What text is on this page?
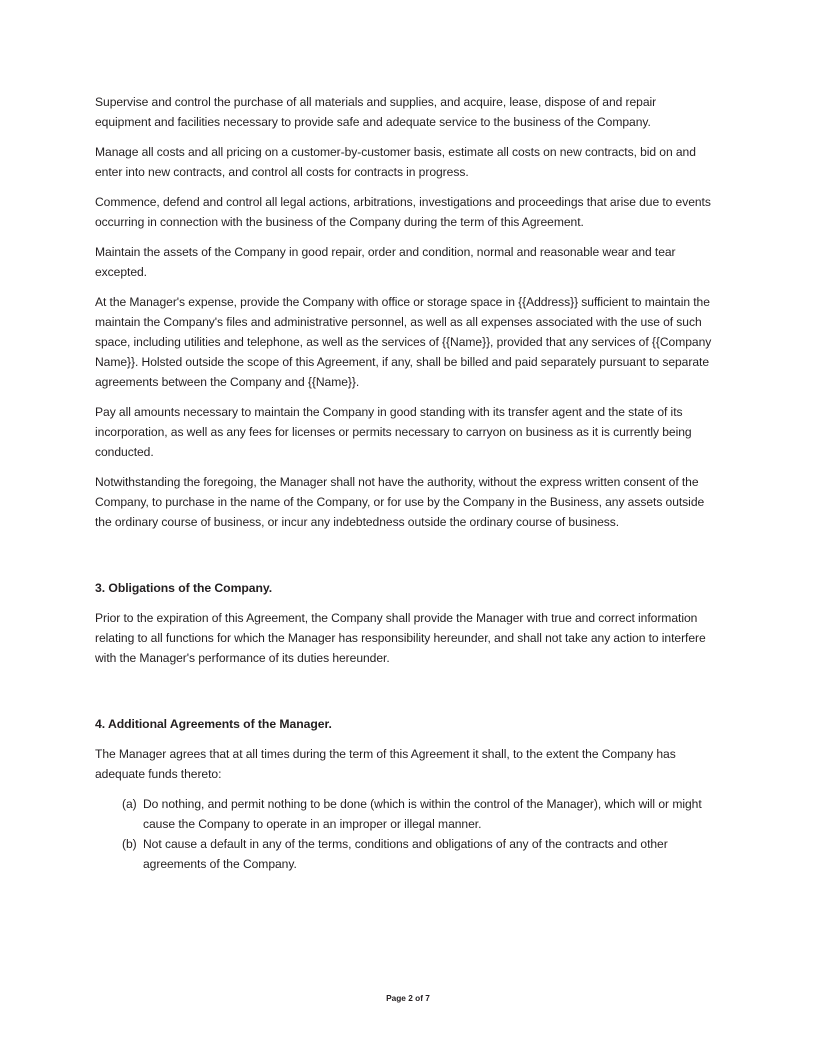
Supervise and control the purchase of all materials and supplies, and acquire, lease, dispose of and repair equipment and facilities necessary to provide safe and adequate service to the business of the Company.

Manage all costs and all pricing on a customer-by-customer basis, estimate all costs on new contracts, bid on and enter into new contracts, and control all costs for contracts in progress.

Commence, defend and control all legal actions, arbitrations, investigations and proceedings that arise due to events occurring in connection with the business of the Company during the term of this Agreement.

Maintain the assets of the Company in good repair, order and condition, normal and reasonable wear and tear excepted.

At the Manager's expense, provide the Company with office or storage space in {{Address}} sufficient to maintain the maintain the Company's files and administrative personnel, as well as all expenses associated with the use of such space, including utilities and telephone, as well as the services of {{Name}}, provided that any services of {{Company Name}}. Holsted outside the scope of this Agreement, if any, shall be billed and paid separately pursuant to separate agreements between the Company and {{Name}}.

Pay all amounts necessary to maintain the Company in good standing with its transfer agent and the state of its incorporation, as well as any fees for licenses or permits necessary to carryon on business as it is currently being conducted.

Notwithstanding the foregoing, the Manager shall not have the authority, without the express written consent of the Company, to purchase in the name of the Company, or for use by the Company in the Business, any assets outside the ordinary course of business, or incur any indebtedness outside the ordinary course of business.

3. Obligations of the Company.

Prior to the expiration of this Agreement, the Company shall provide the Manager with true and correct information relating to all functions for which the Manager has responsibility hereunder, and shall not take any action to interfere with the Manager's performance of its duties hereunder.

4. Additional Agreements of the Manager.

The Manager agrees that at all times during the term of this Agreement it shall, to the extent the Company has adequate funds thereto:

(a) Do nothing, and permit nothing to be done (which is within the control of the Manager), which will or might cause the Company to operate in an improper or illegal manner.
(b) Not cause a default in any of the terms, conditions and obligations of any of the contracts and other agreements of the Company.
Page 2 of 7
